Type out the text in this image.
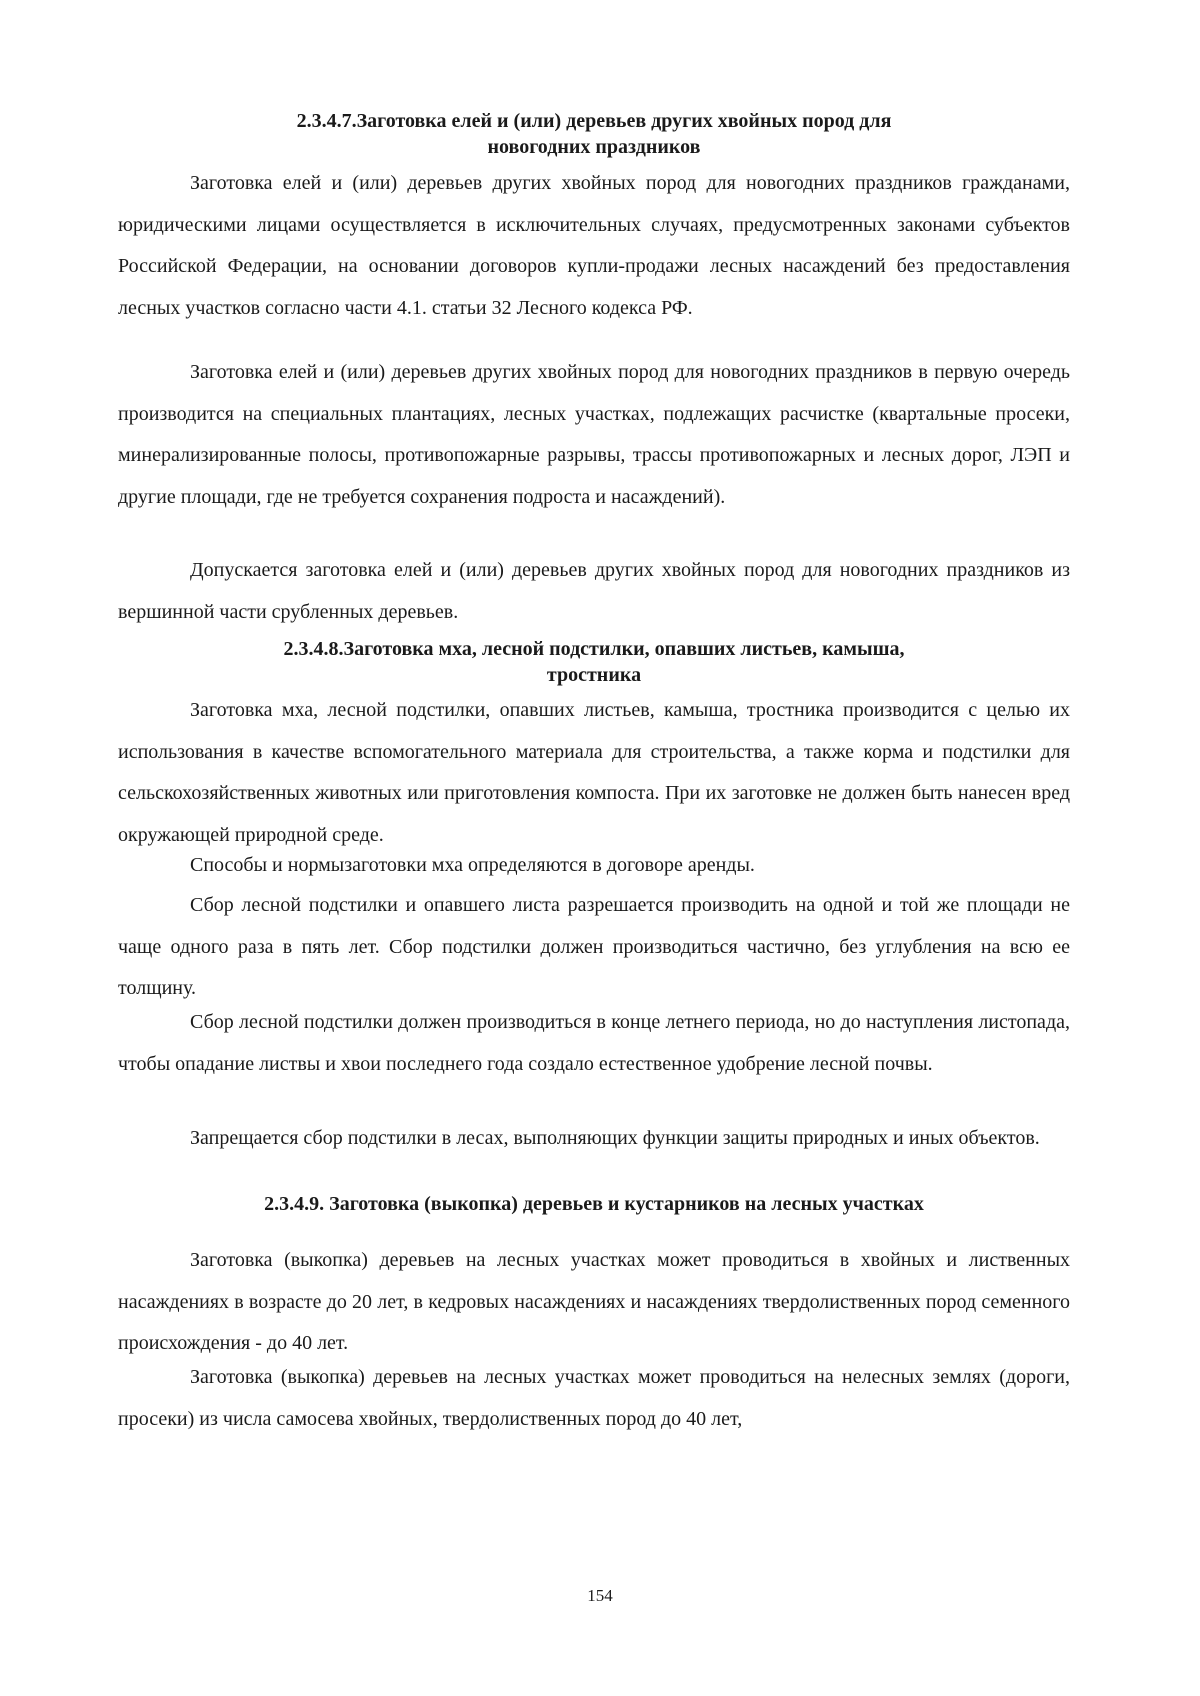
2.3.4.7.Заготовка елей и (или) деревьев других хвойных пород для
новогодних праздников

Заготовка елей и (или) деревьев других хвойных пород для новогодних праздников гражданами, юридическими лицами осуществляется в исключительных случаях, предусмотренных законами субъектов Российской Федерации, на основании договоров купли-продажи лесных насаждений без предоставления лесных участков согласно части 4.1. статьи 32 Лесного кодекса РФ.

Заготовка елей и (или) деревьев других хвойных пород для новогодних праздников в первую очередь производится на специальных плантациях, лесных участках, подлежащих расчистке (квартальные просеки, минерализированные полосы, противопожарные разрывы, трассы противопожарных и лесных дорог, ЛЭП и другие площади, где не требуется сохранения подроста и насаждений).

Допускается заготовка елей и (или) деревьев других хвойных пород для новогодних праздников из вершинной части срубленных деревьев.

2.3.4.8.Заготовка мха, лесной подстилки, опавших листьев, камыша,
тростника

Заготовка мха, лесной подстилки, опавших листьев, камыша, тростника производится с целью их использования в качестве вспомогательного материала для строительства, а также корма и подстилки для сельскохозяйственных животных или приготовления компоста. При их заготовке не должен быть нанесен вред окружающей природной среде.

Способы и нормызаготовки мха определяются в договоре аренды.

Сбор лесной подстилки и опавшего листа разрешается производить на одной и той же площади не чаще одного раза в пять лет. Сбор подстилки должен производиться частично, без углубления на всю ее толщину.

Сбор лесной подстилки должен производиться в конце летнего периода, но до наступления листопада, чтобы опадание листвы и хвои последнего года создало естественное удобрение лесной почвы.

Запрещается сбор подстилки в лесах, выполняющих функции защиты природных и иных объектов.

2.3.4.9. Заготовка (выкопка) деревьев и кустарников на лесных участках

Заготовка (выкопка) деревьев на лесных участках может проводиться в хвойных и лиственных насаждениях в возрасте до 20 лет, в кедровых насаждениях и насаждениях твердолиственных пород семенного происхождения - до 40 лет.

Заготовка (выкопка) деревьев на лесных участках может проводиться на нелесных землях (дороги, просеки) из числа самосева хвойных, твердолиственных пород до 40 лет,

154
